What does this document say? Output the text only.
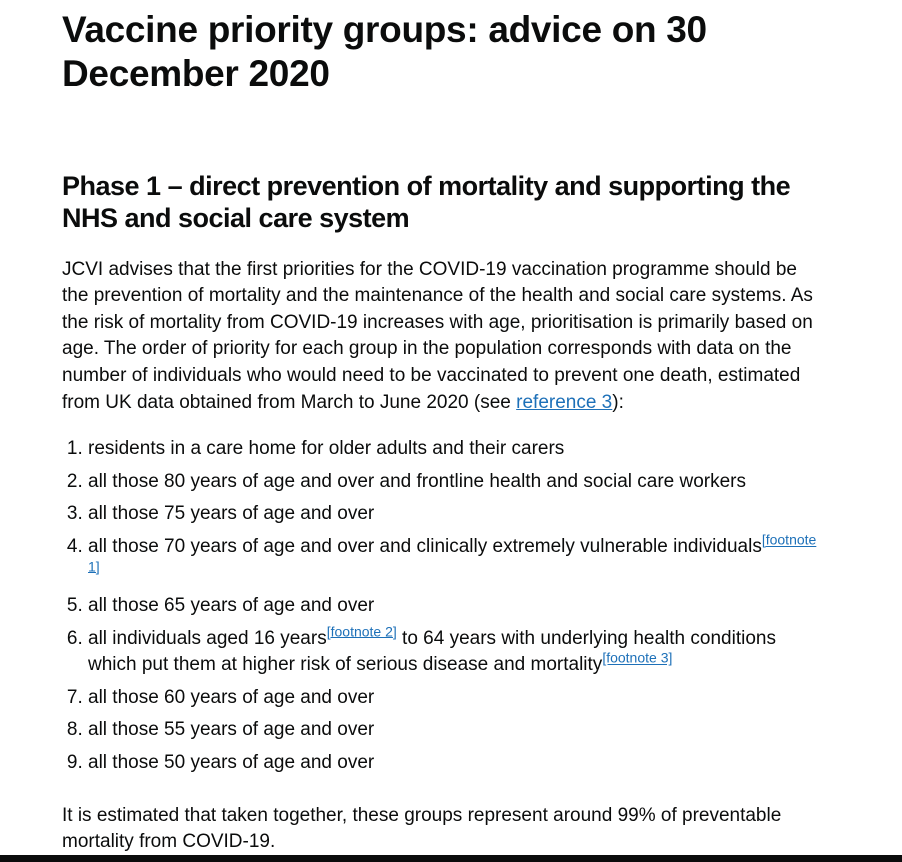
Vaccine priority groups: advice on 30 December 2020
Phase 1 – direct prevention of mortality and supporting the NHS and social care system

JCVI advises that the first priorities for the COVID-19 vaccination programme should be the prevention of mortality and the maintenance of the health and social care systems. As the risk of mortality from COVID-19 increases with age, prioritisation is primarily based on age. The order of priority for each group in the population corresponds with data on the number of individuals who would need to be vaccinated to prevent one death, estimated from UK data obtained from March to June 2020 (see reference 3):

1. residents in a care home for older adults and their carers
2. all those 80 years of age and over and frontline health and social care workers
3. all those 75 years of age and over
4. all those 70 years of age and over and clinically extremely vulnerable individuals[footnote 1]
5. all those 65 years of age and over
6. all individuals aged 16 years[footnote 2] to 64 years with underlying health conditions which put them at higher risk of serious disease and mortality[footnote 3]
7. all those 60 years of age and over
8. all those 55 years of age and over
9. all those 50 years of age and over

It is estimated that taken together, these groups represent around 99% of preventable mortality from COVID-19.
